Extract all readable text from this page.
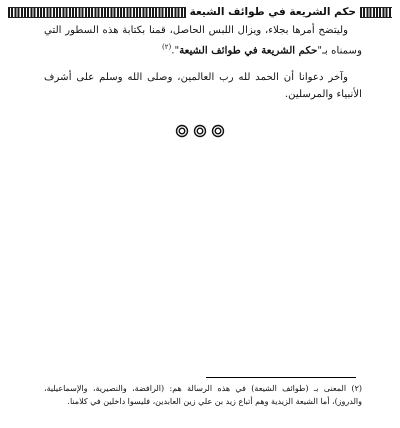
حكم الشريعة في طوائف الشيعة

وليتضح أمرها بجلاء، ويزال اللبس الحاصل، قمنا بكتابة هذه السطور التي وسمناه بـ"حكم الشريعة في طوائف الشيعة".$^{(٢)}$

وآخر دعوانا أن الحمد لله رب العالمين، وصلى الله وسلم على أشرف الأنبياء والمرسلين.

(٢) المعنى بـ (طوائف الشيعة) في هذه الرسالة هم: (الرافضة، والنصيرية، والإسماعيلية، والدروز)، أما الشيعة الزيدية وهم أتباع زيد بن علي زين العابدين، فليسوا داخلين في كلامنا.
